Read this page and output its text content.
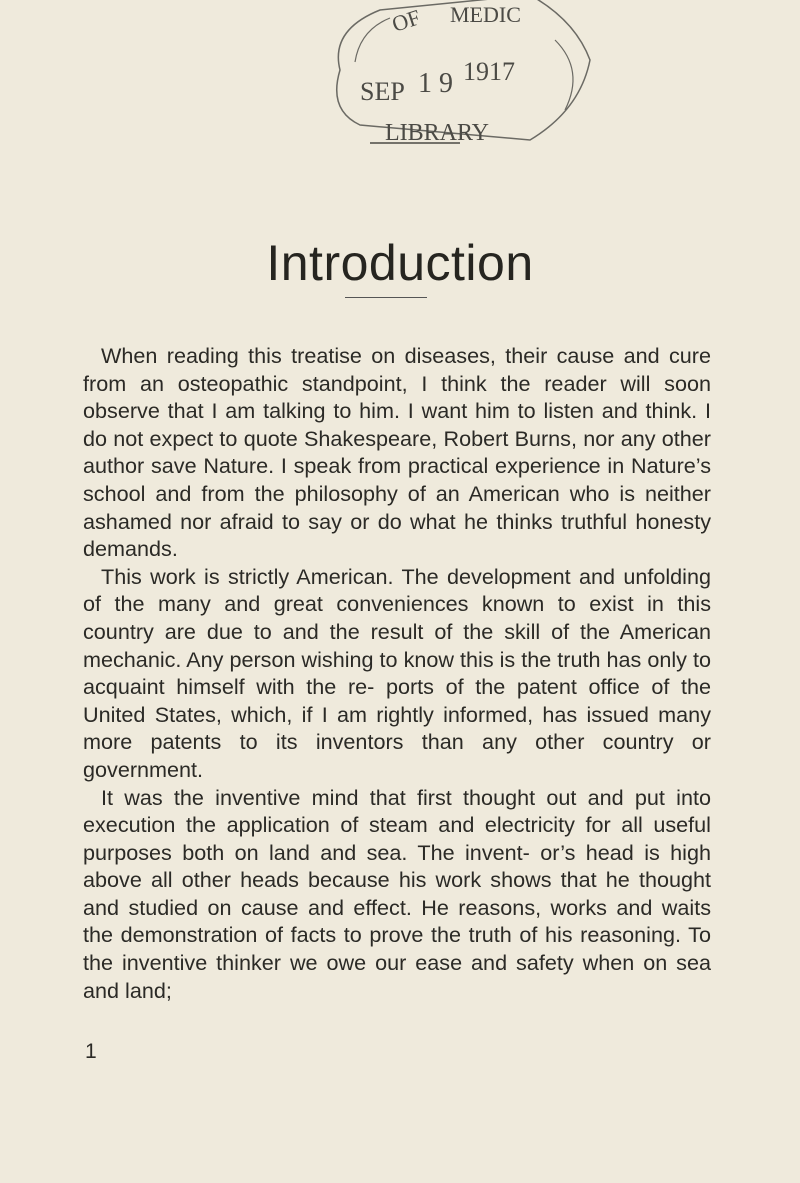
OF MEDIC
SEP 1 9 1917
LIBRARY
Introduction

When reading this treatise on diseases, their cause and cure from an osteopathic standpoint, I think the reader will soon observe that I am talking to him. I want him to listen and think. I do not expect to quote Shakespeare, Robert Burns, nor any other author save Nature. I speak from practical experience in Nature’s school and from the philosophy of an American who is neither ashamed nor afraid to say or do what he thinks truthful honesty demands.

This work is strictly American. The development and unfolding of the many and great conveniences known to exist in this country are due to and the result of the skill of the American mechanic. Any person wishing to know this is the truth has only to acquaint himself with the re- ports of the patent office of the United States, which, if I am rightly informed, has issued many more patents to its inventors than any other country or government.

It was the inventive mind that first thought out and put into execution the application of steam and electricity for all useful purposes both on land and sea. The invent- or’s head is high above all other heads because his work shows that he thought and studied on cause and effect. He reasons, works and waits the demonstration of facts to prove the truth of his reasoning. To the inventive thinker we owe our ease and safety when on sea and land;

1
